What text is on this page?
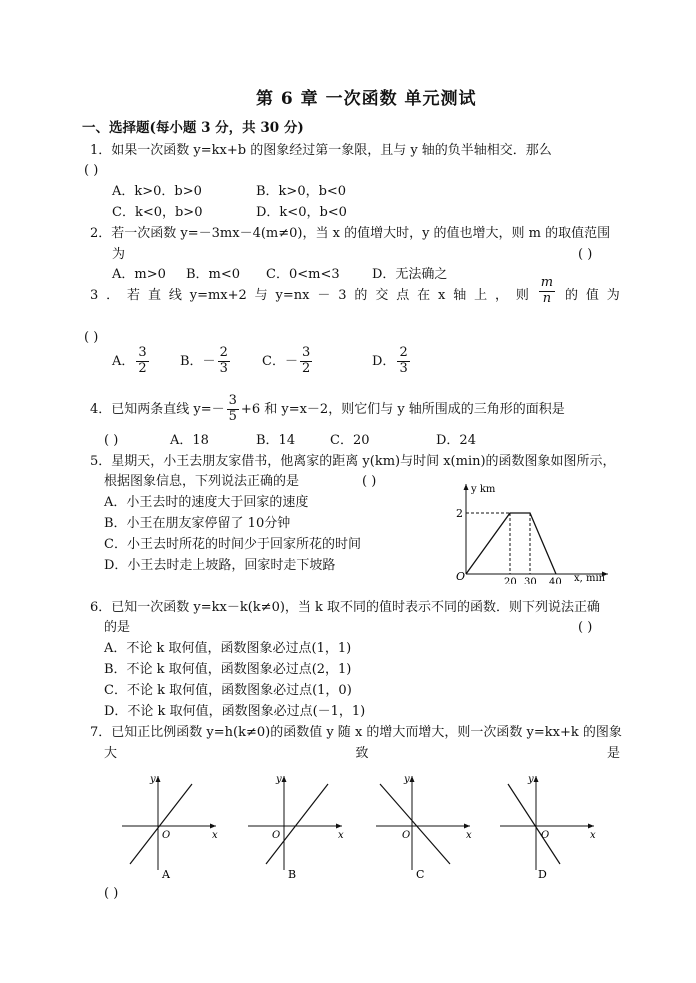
第 6 章 一次函数 单元测试
一、选择题(每小题 3 分，共 30 分)
1．如果一次函数 y=kx+b 的图象经过第一象限，且与 y 轴的负半轴相交．那么
( )
A．k>0．b>0	B．k>0，b<0
C．k<0，b>0	D．k<0，b<0
2．若一次函数 y=－3mx－4(m≠0)，当 x 的值增大时，y 的值也增大，则 m 的取值范围
为	( )
A．m>0 B．m<0 C．0<m<3 D．无法确之
3 ． 若 直 线 y=mx+2 与 y=nx － 3 的 交 点 在 x 轴 上 ， 则 $\frac{m}{n}$ 的 值 为
( )
A． $\frac{3}{2}$ B．－ $\frac{2}{3}$ C．－ $\frac{3}{2}$	D． $\frac{2}{3}$
4．已知两条直线 $y=- \frac{3}{5} +6$ 和 y=x－2，则它们与 y 轴所围成的三角形的面积是
( )	A．18	B．14	C．20	D．24
5．星期天，小王去朋友家借书，他离家的距离 y(km)与时间 x(min)的函数图象如图所示，
根据图象信息，下列说法正确的是	( )
A．小王去时的速度大于回家的速度
B．小王在朋友家停留了 10分钟
C．小王去时所花的时间少于回家所花的时间
D．小王去时走上坡路，回家时走下坡路
y km
2
O	20 30 40 x, min
6．已知一次函数 y=kx－k(k≠0)，当 k 取不同的值时表示不同的函数．则下列说法正确
的是	( )
A．不论 k 取何值，函数图象必过点(1，1)
B．不论 k 取何值，函数图象必过点(2，1)
C．不论 k 取何值，函数图象必过点(1，0)
D．不论 k 取何值，函数图象必过点(－1，1)
7．已知正比例函数 y=h(k≠0)的函数值 y 随 x 的增大而增大，则一次函数 y=kx+k 的图象
大	致	是
y
x
O
A
y
x
O
B
y
x
O
C
y
x
O
D
( )
